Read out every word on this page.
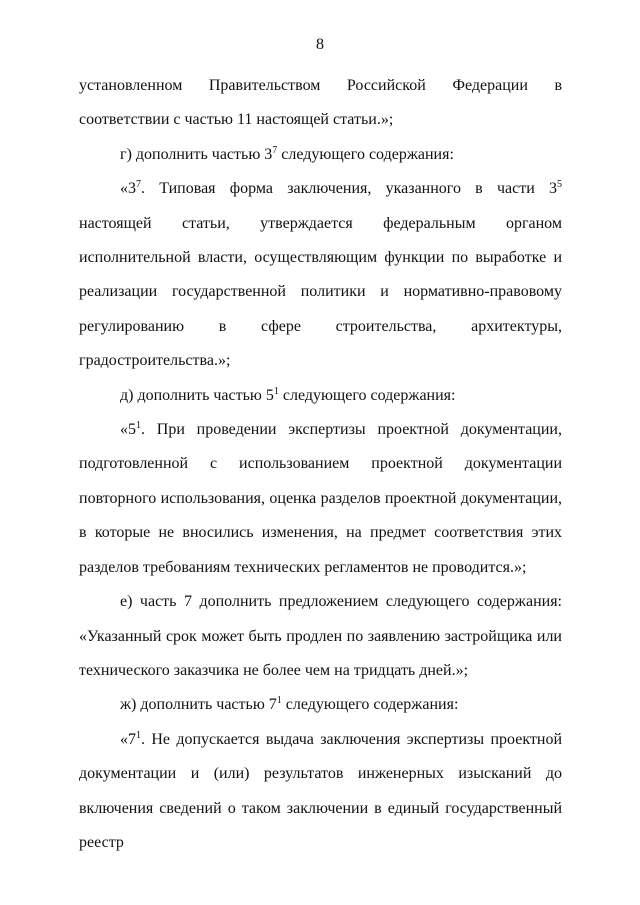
8

установленном Правительством Российской Федерации в соответствии с частью 11 настоящей статьи.»;

г) дополнить частью $3^7$ следующего содержания:

«$3^7$. Типовая форма заключения, указанного в части $3^5$ настоящей статьи, утверждается федеральным органом исполнительной власти, осуществляющим функции по выработке и реализации государственной политики и нормативно-правовому регулированию в сфере строительства, архитектуры, градостроительства.»;

д) дополнить частью $5^1$ следующего содержания:

«$5^1$. При проведении экспертизы проектной документации, подготовленной с использованием проектной документации повторного использования, оценка разделов проектной документации, в которые не вносились изменения, на предмет соответствия этих разделов требованиям технических регламентов не проводится.»;

е) часть 7 дополнить предложением следующего содержания: «Указанный срок может быть продлен по заявлению застройщика или технического заказчика не более чем на тридцать дней.»;

ж) дополнить частью $7^1$ следующего содержания:

«$7^1$. Не допускается выдача заключения экспертизы проектной документации и (или) результатов инженерных изысканий до включения сведений о таком заключении в единый государственный реестр
